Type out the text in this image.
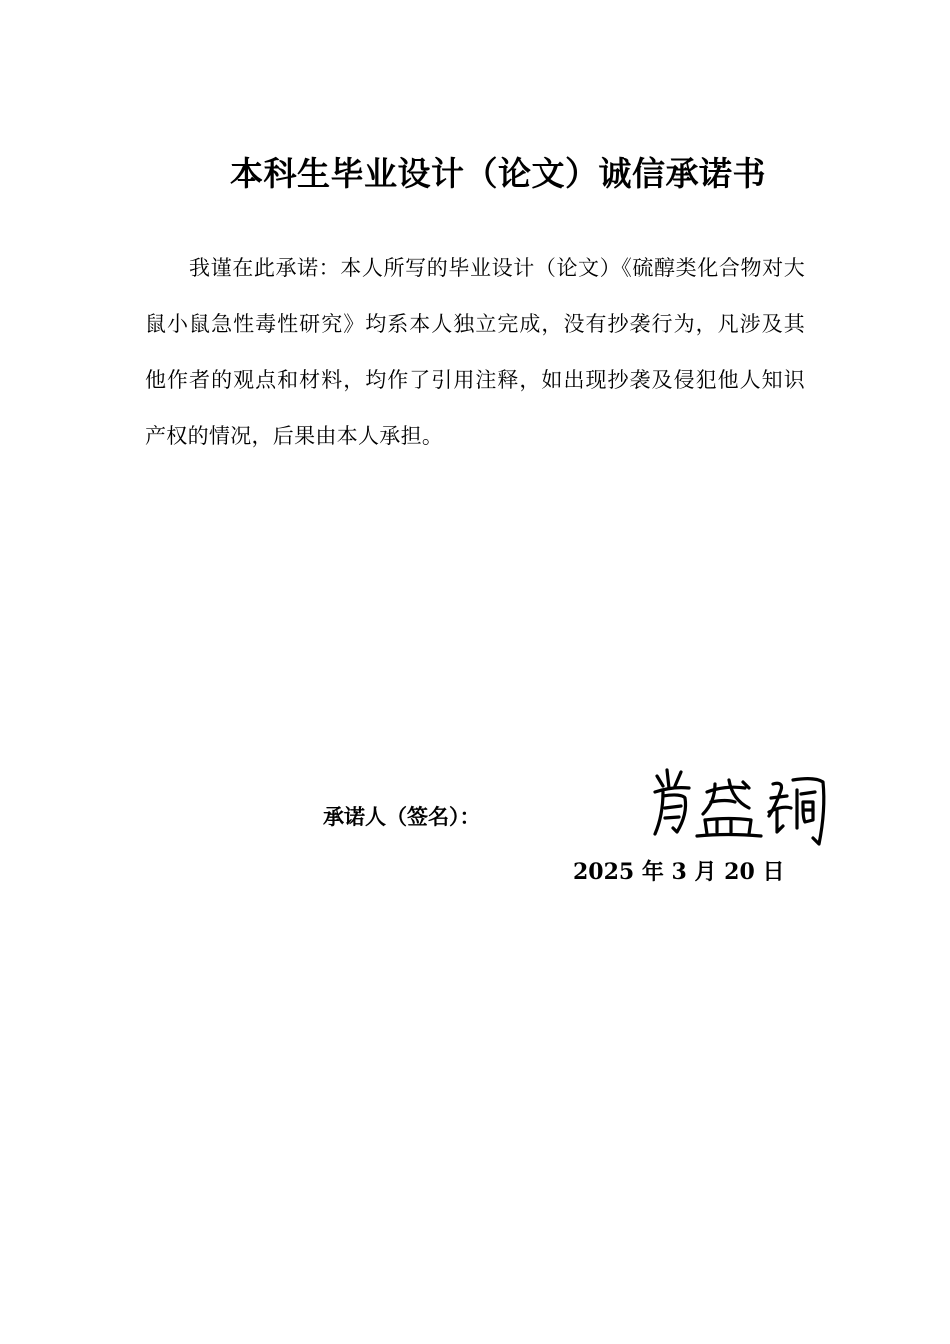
本科生毕业设计（论文）诚信承诺书

我谨在此承诺：本人所写的毕业设计（论文）《硫醇类化合物对大鼠小鼠急性毒性研究》均系本人独立完成，没有抄袭行为，凡涉及其他作者的观点和材料，均作了引用注释，如出现抄袭及侵犯他人知识产权的情况，后果由本人承担。

承诺人（签名）：
2025 年 3 月 20 日
